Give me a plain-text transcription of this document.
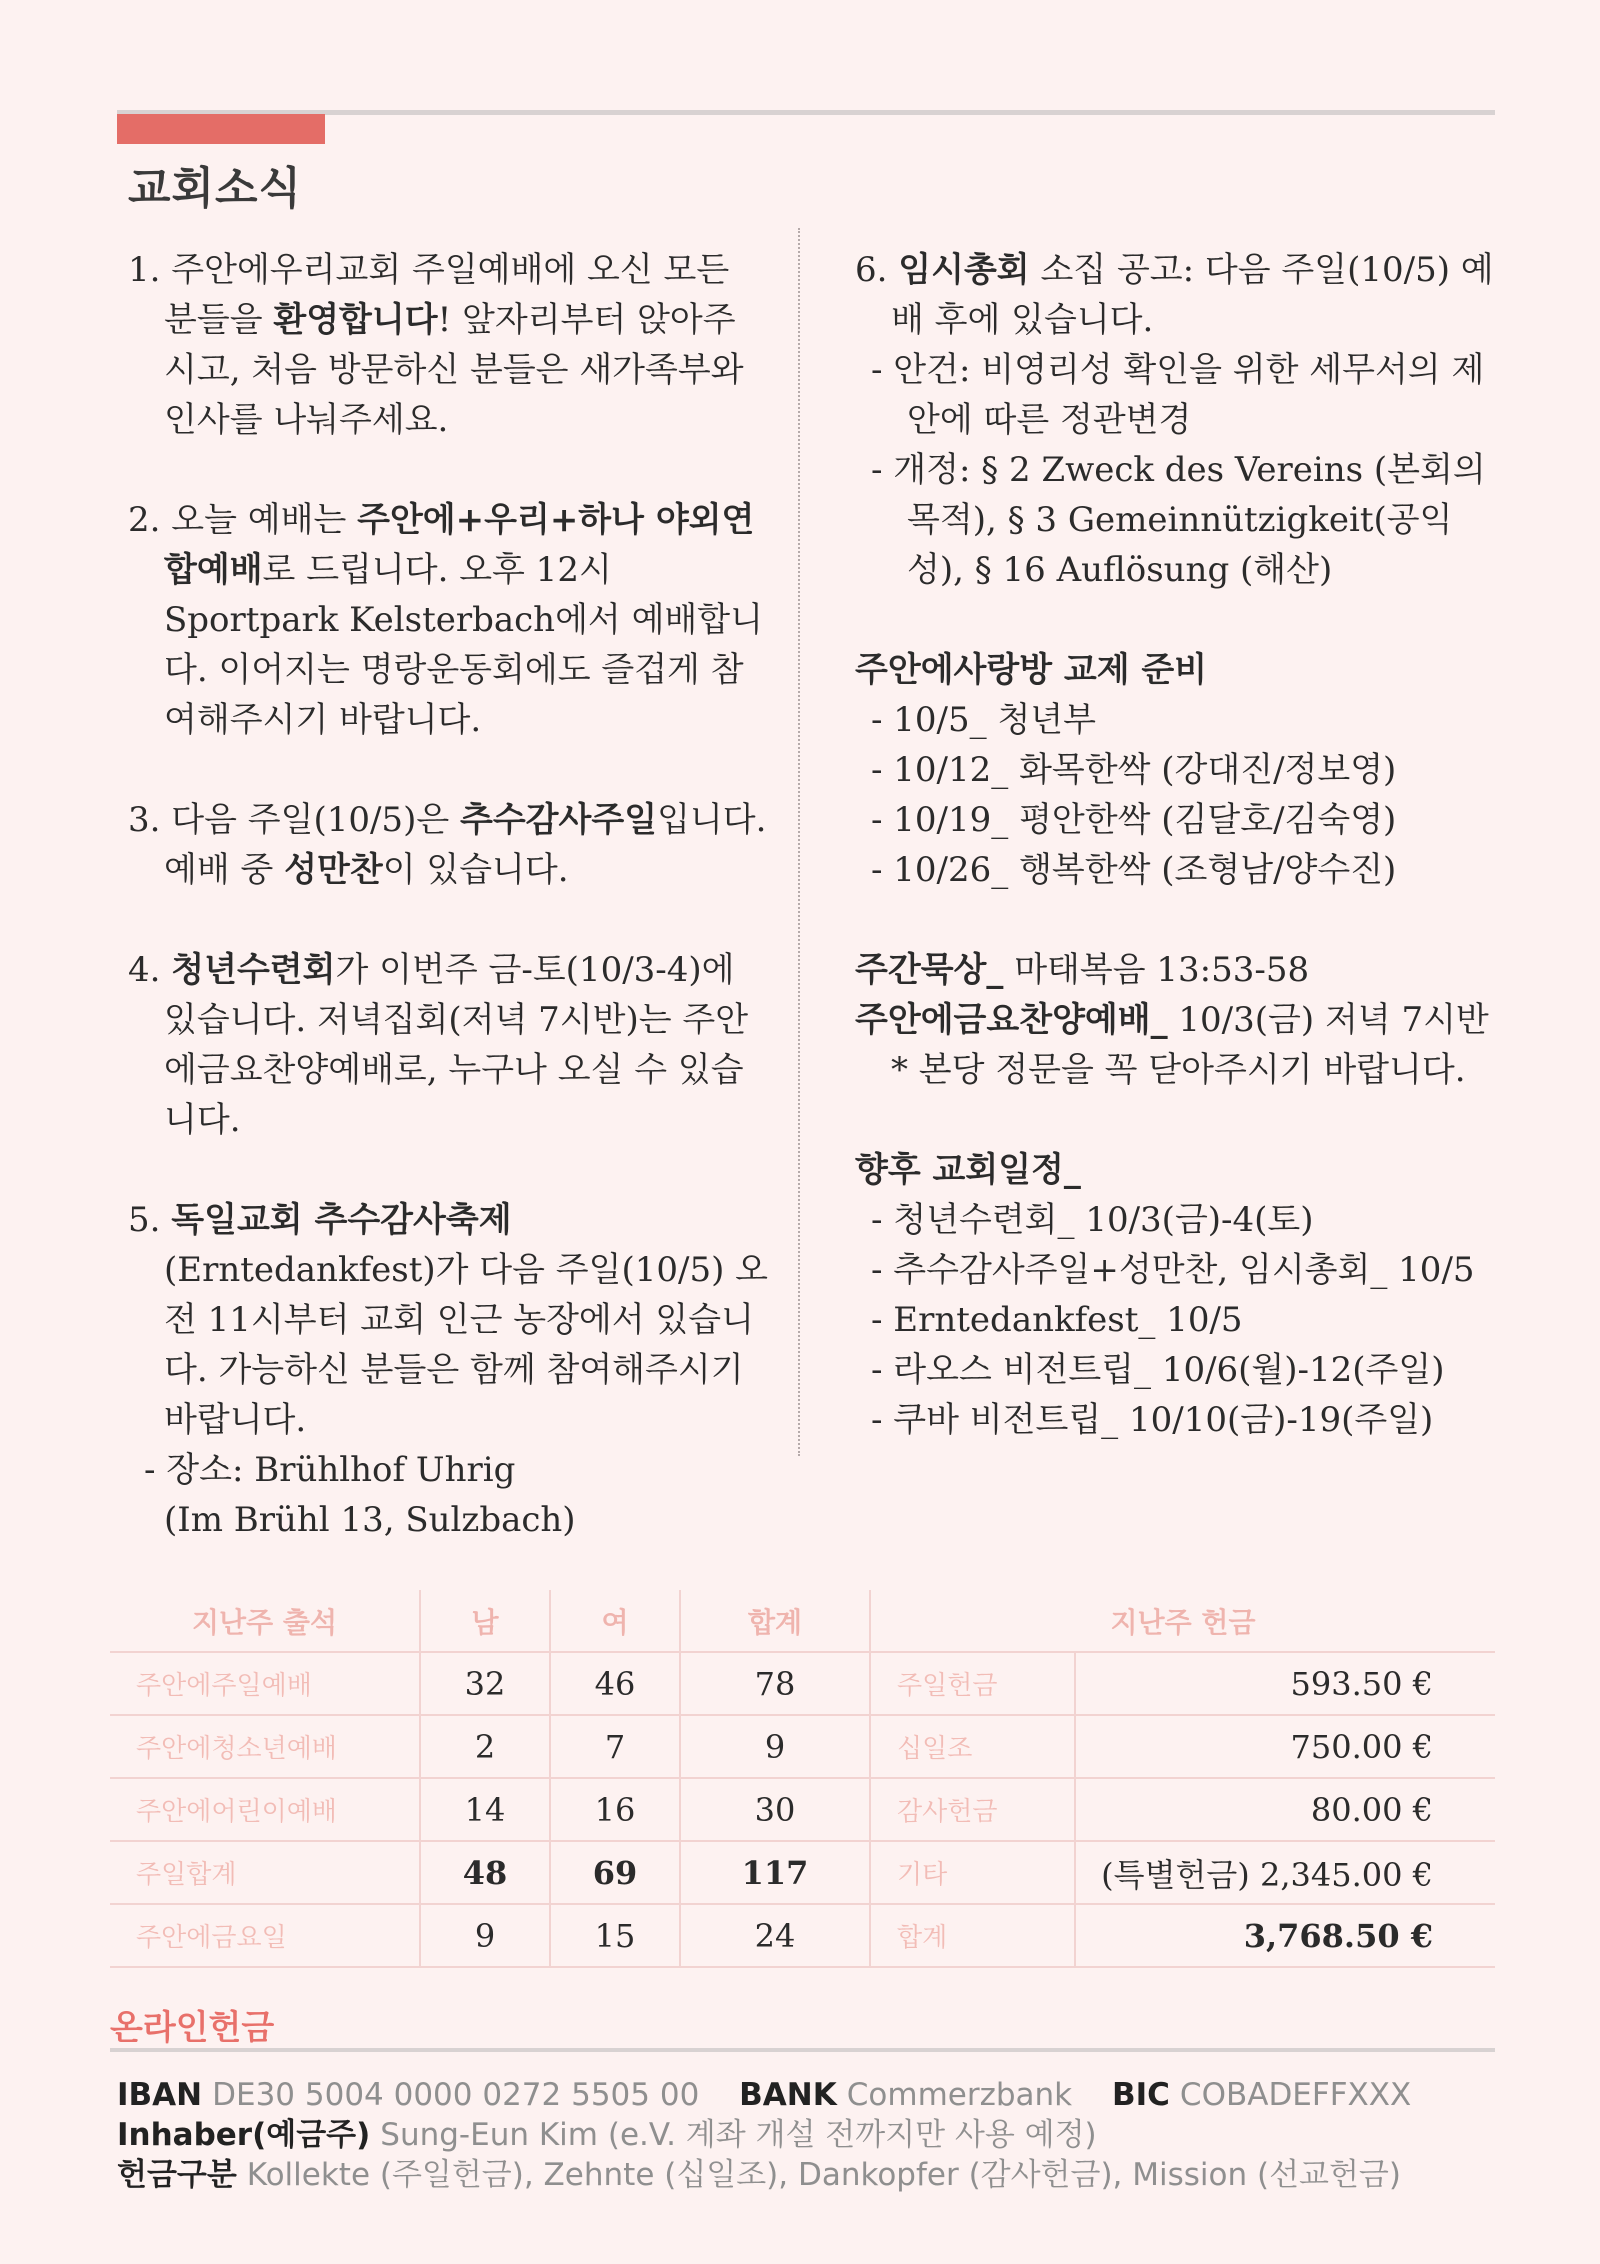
교회소식

1. 주안에우리교회 주일예배에 오신 모든 분들을 환영합니다! 앞자리부터 앉아주시고, 처음 방문하신 분들은 새가족부와 인사를 나눠주세요.

2. 오늘 예배는 주안에+우리+하나 야외연합예배로 드립니다. 오후 12시 Sportpark Kelsterbach에서 예배합니다. 이어지는 명랑운동회에도 즐겁게 참여해주시기 바랍니다.

3. 다음 주일(10/5)은 추수감사주일입니다. 예배 중 성만찬이 있습니다.

4. 청년수련회가 이번주 금-토(10/3-4)에 있습니다. 저녁집회(저녁 7시반)는 주안에금요찬양예배로, 누구나 오실 수 있습니다.

5. 독일교회 추수감사축제(Erntedankfest)가 다음 주일(10/5) 오전 11시부터 교회 인근 농장에서 있습니다. 가능하신 분들은 함께 참여해주시기 바랍니다.

- 장소: Brühlhof Uhrig

(Im Brühl 13, Sulzbach)

6. 임시총회 소집 공고: 다음 주일(10/5) 예배 후에 있습니다.

- 안건: 비영리성 확인을 위한 세무서의 제안에 따른 정관변경

- 개정: § 2 Zweck des Vereins (본회의 목적), § 3 Gemeinnützigkeit(공익성), § 16 Auflösung (해산)

주안에사랑방 교제 준비

- 10/5_ 청년부

- 10/12_ 화목한싹 (강대진/정보영)

- 10/19_ 평안한싹 (김달호/김숙영)

- 10/26_ 행복한싹 (조형남/양수진)

주간묵상_ 마태복음 13:53-58

주안에금요찬양예배_ 10/3(금) 저녁 7시반

* 본당 정문을 꼭 닫아주시기 바랍니다.

향후 교회일정_

- 청년수련회_ 10/3(금)-4(토)

- 추수감사주일+성만찬, 임시총회_ 10/5

- Erntedankfest_ 10/5

- 라오스 비전트립_ 10/6(월)-12(주일)

- 쿠바 비전트립_ 10/10(금)-19(주일)

지난주 출석	남	여	합계	지난주 헌금	
주안에주일예배	32	46	78	주일헌금	593.50 €
주안에청소년예배	2	7	9	십일조	750.00 €
주안에어린이예배	14	16	30	감사헌금	80.00 €
주일합계	48	69	117	기타	(특별헌금) 2,345.00 €
주안에금요일	9	15	24	합계	3,768.50 €
온라인헌금
IBAN DE30 5004 0000 0272 5505 00 BANK Commerzbank BIC COBADEFFXXX
Inhaber(예금주) Sung-Eun Kim (e.V. 계좌 개설 전까지만 사용 예정)
헌금구분 Kollekte (주일헌금), Zehnte (십일조), Dankopfer (감사헌금), Mission (선교헌금)
